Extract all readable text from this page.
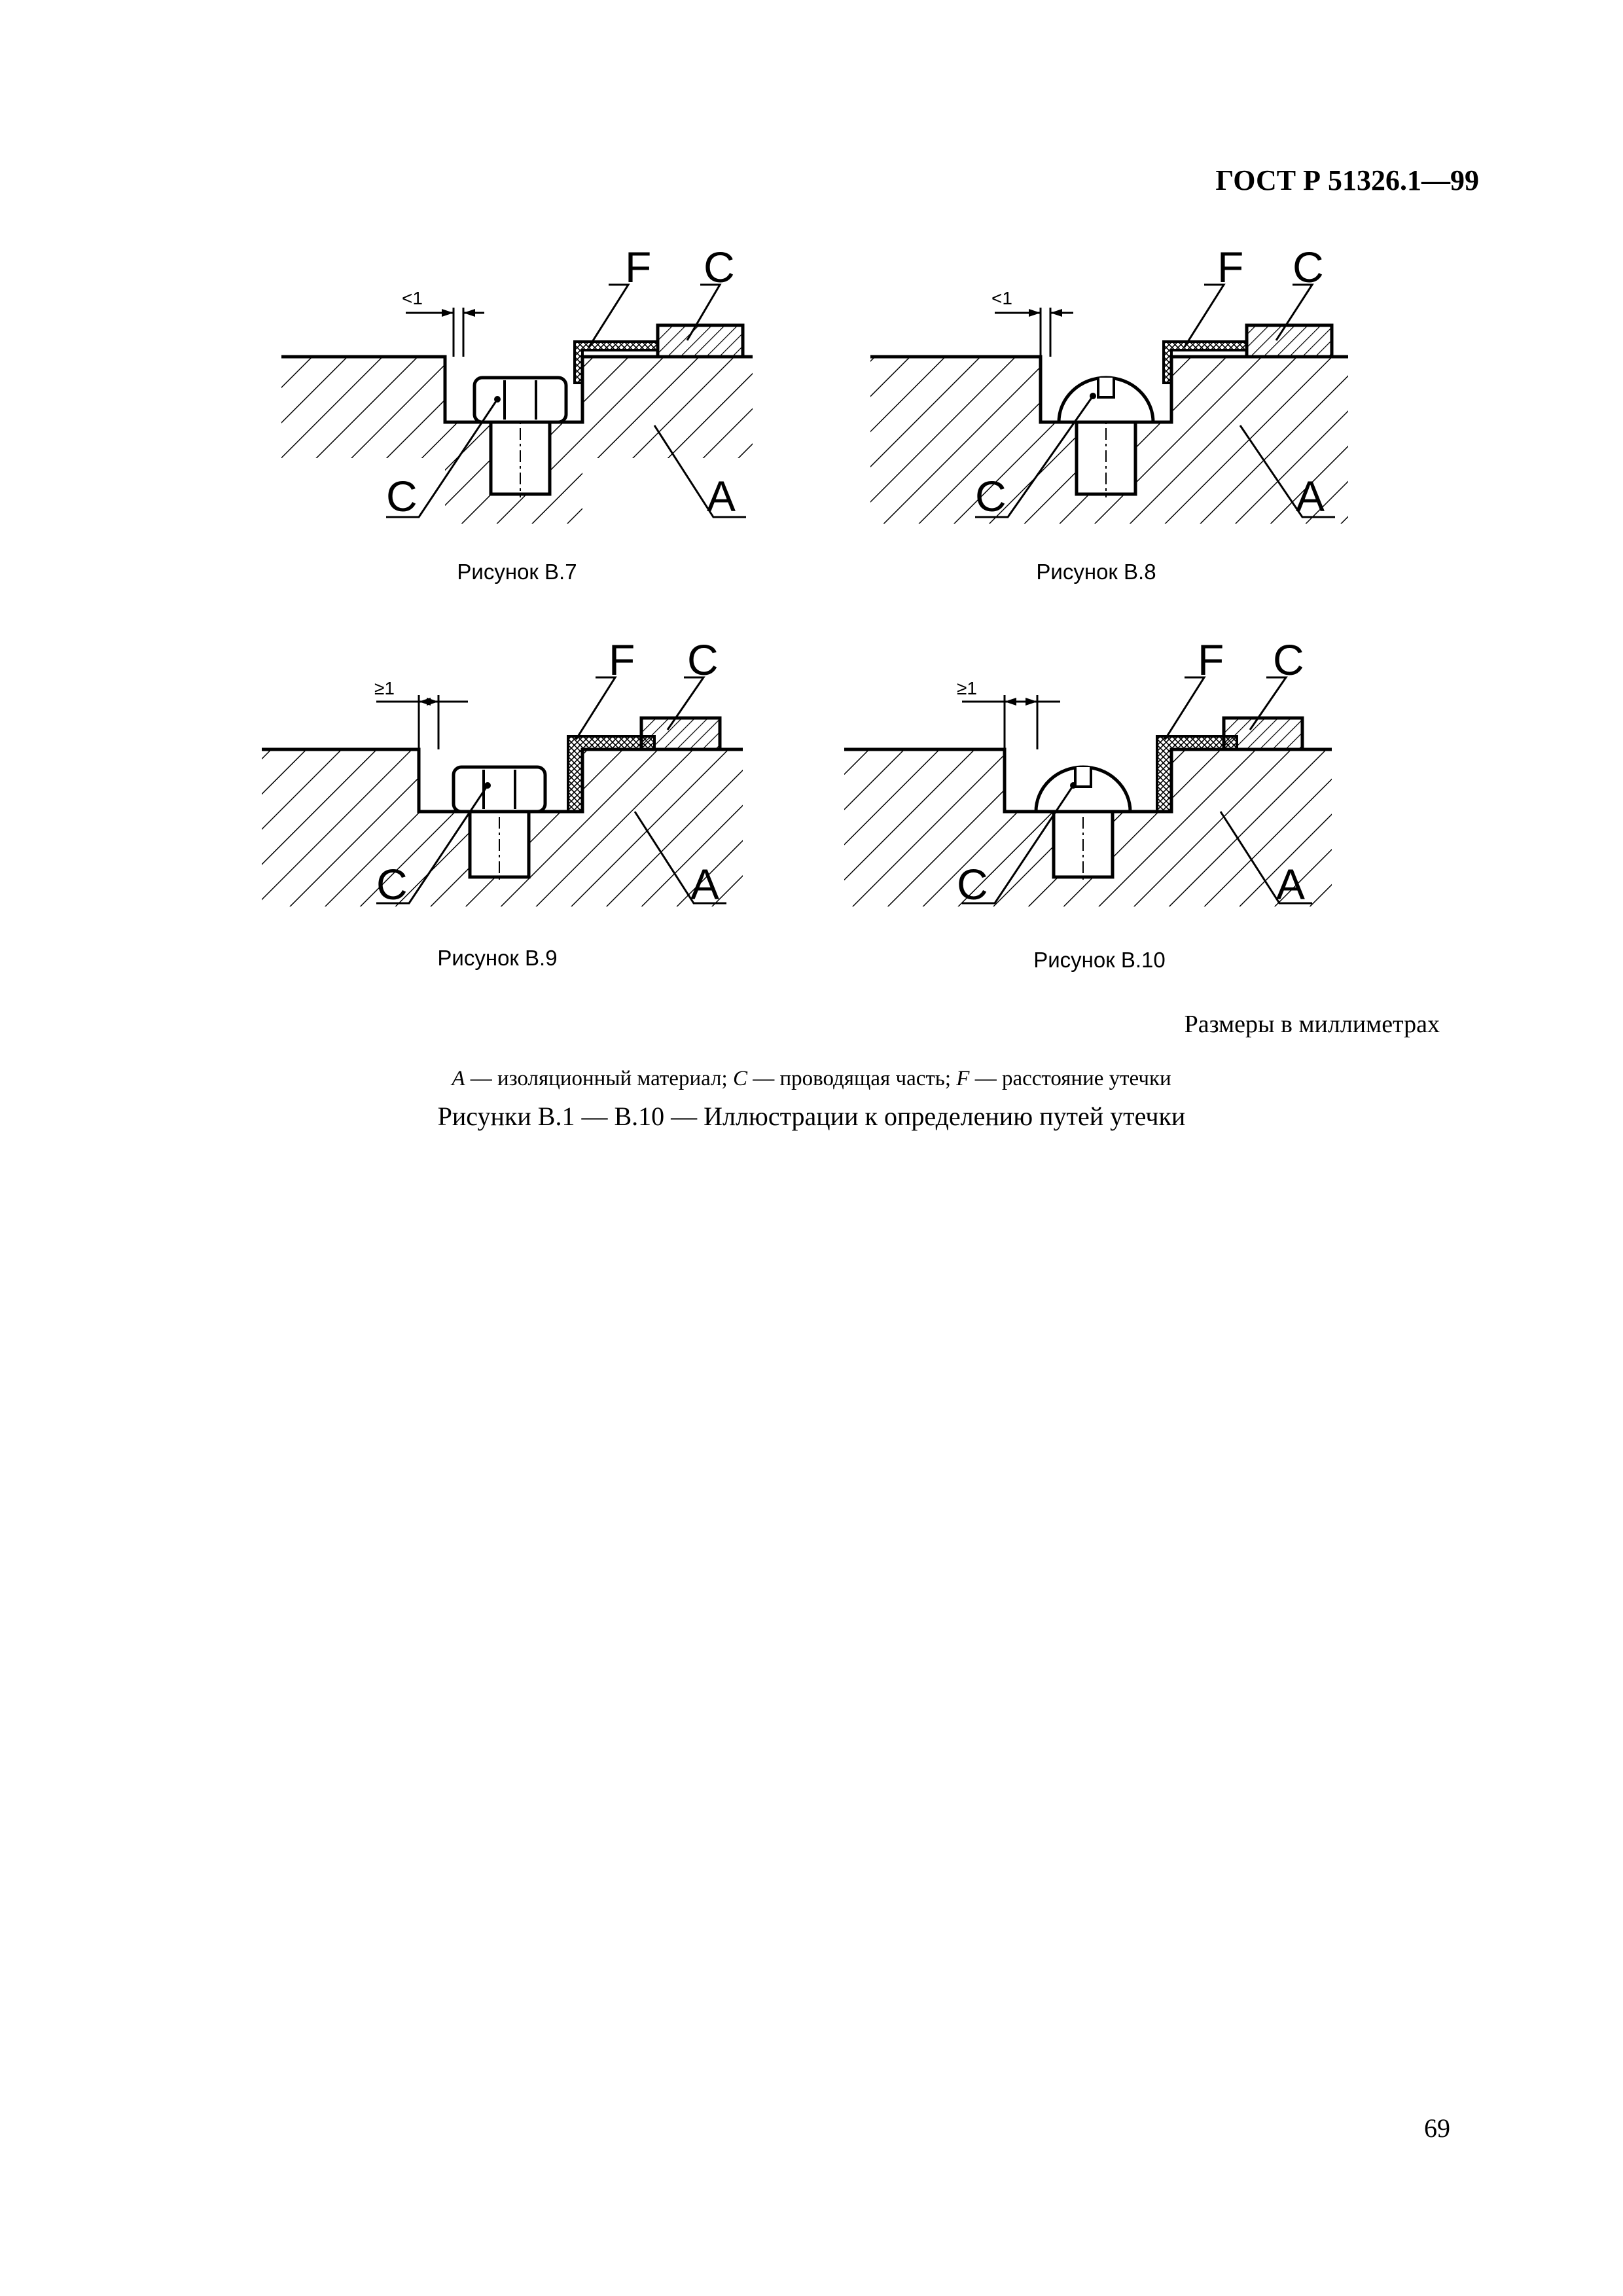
ГОСТ Р 51326.1—99
<1
F C
C	A
Рисунок В.7
<1
F C
C	A
Рисунок В.8
≥1
F C
C	A
Рисунок В.9
≥1
F C
C	A
Рисунок В.10
Размеры в миллиметрах
A — изоляционный материал; C — проводящая часть; F — расстояние утечки
Рисунки В.1 — В.10 — Иллюстрации к определению путей утечки
69
